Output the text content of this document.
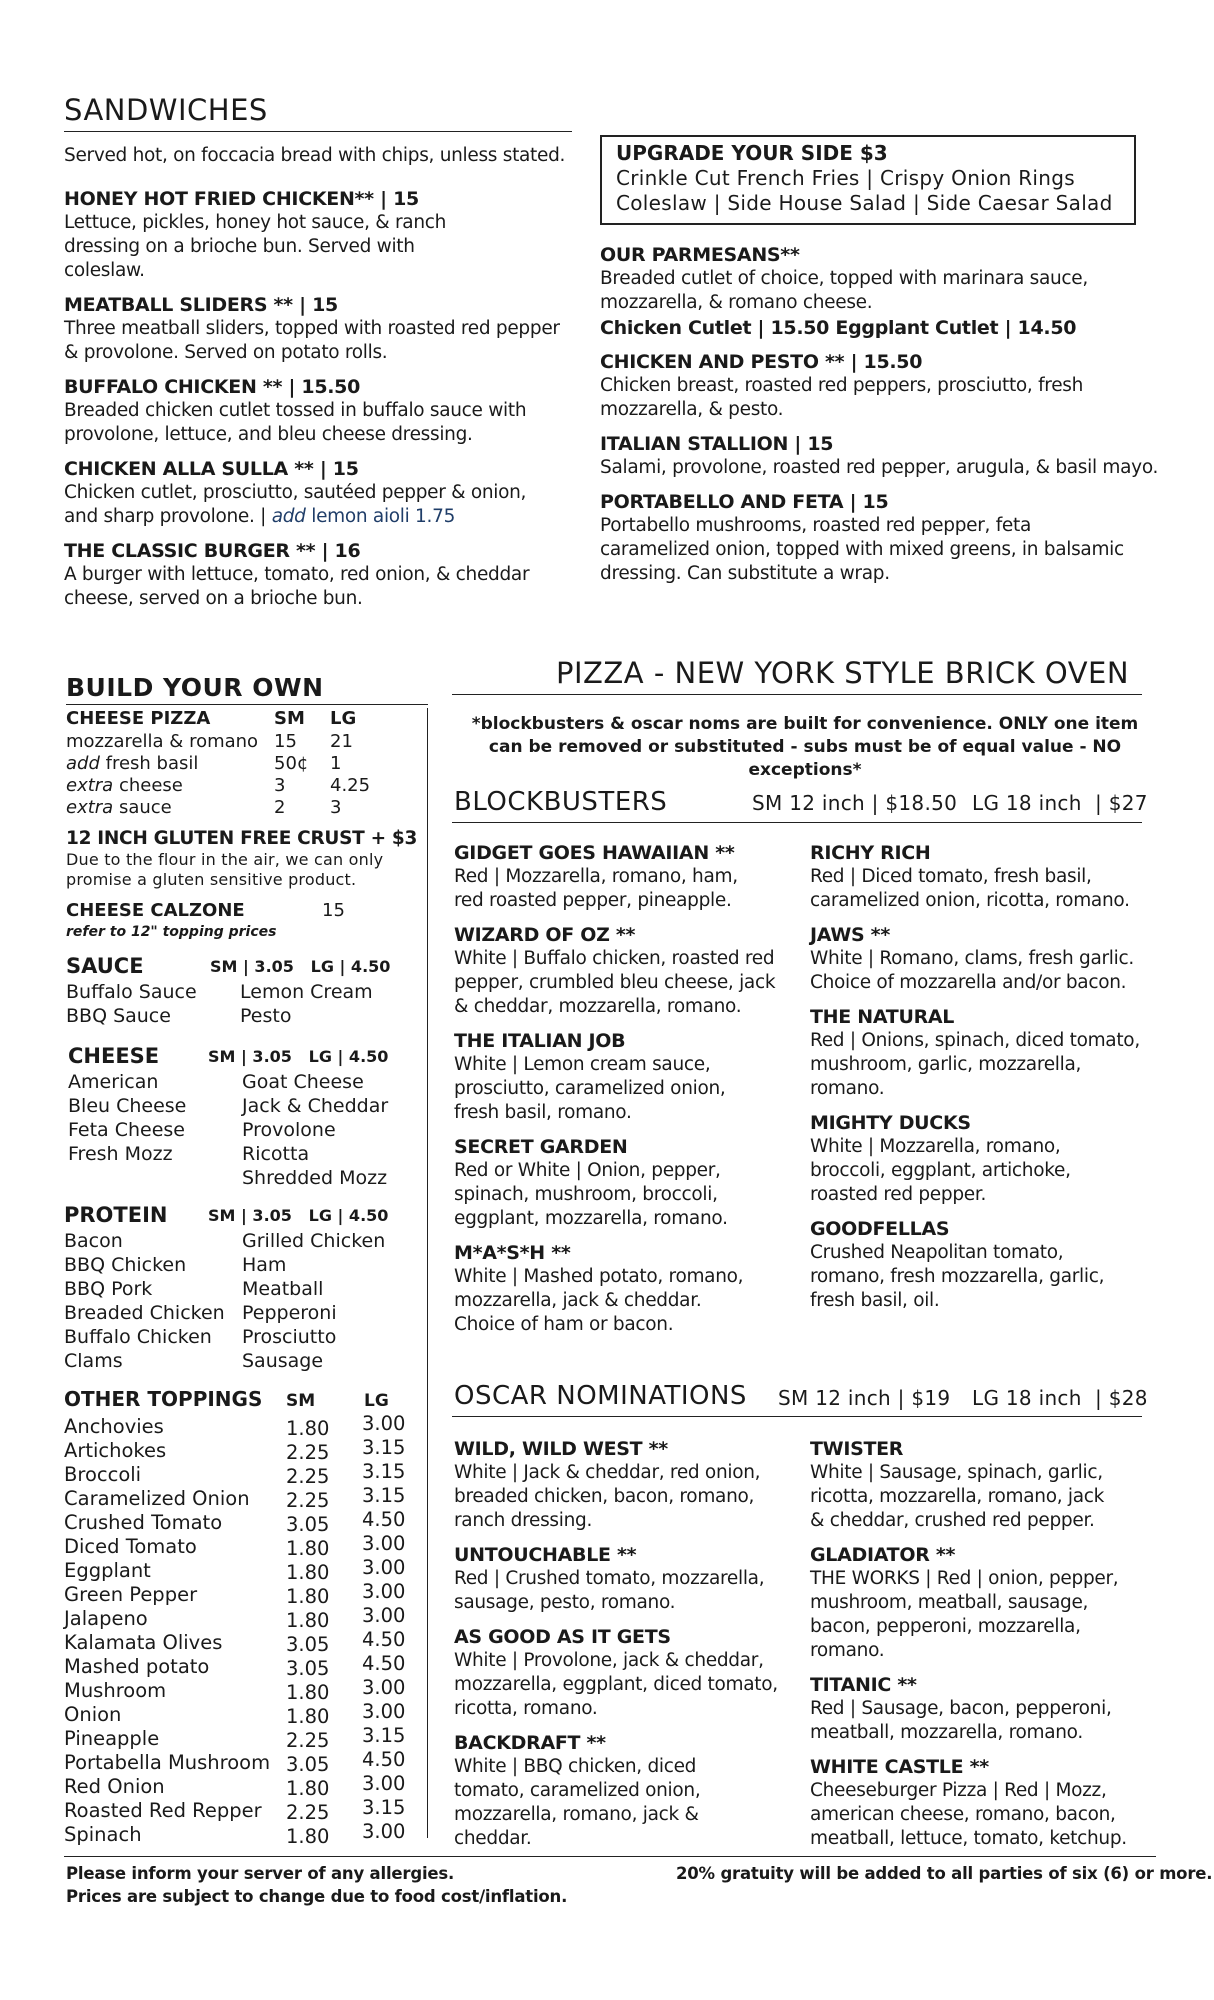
SANDWICHES
Served hot, on foccacia bread with chips, unless stated.
HONEY HOT FRIED CHICKEN** | 15
Lettuce, pickles, honey hot sauce, & ranch dressing on a brioche bun. Served with coleslaw.
MEATBALL SLIDERS ** | 15
Three meatball sliders, topped with roasted red pepper & provolone. Served on potato rolls.
BUFFALO CHICKEN ** | 15.50
Breaded chicken cutlet tossed in buffalo sauce with provolone, lettuce, and bleu cheese dressing.
CHICKEN ALLA SULLA ** | 15
Chicken cutlet, prosciutto, sautéed pepper & onion, and sharp provolone. | add lemon aioli 1.75
THE CLASSIC BURGER ** | 16
A burger with lettuce, tomato, red onion, & cheddar cheese, served on a brioche bun.
UPGRADE YOUR SIDE $3
Crinkle Cut French Fries | Crispy Onion Rings
Coleslaw | Side House Salad | Side Caesar Salad
OUR PARMESANS**
Breaded cutlet of choice, topped with marinara sauce, mozzarella, & romano cheese.
Chicken Cutlet | 15.50 Eggplant Cutlet | 14.50
CHICKEN AND PESTO ** | 15.50
Chicken breast, roasted red peppers, prosciutto, fresh mozzarella, & pesto.
ITALIAN STALLION | 15
Salami, provolone, roasted red pepper, arugula, & basil mayo.
PORTABELLO AND FETA | 15
Portabello mushrooms, roasted red pepper, feta caramelized onion, topped with mixed greens, in balsamic dressing. Can substitute a wrap.
BUILD YOUR OWN
CHEESE PIZZA	SM LG
mozzarella & romano 15 21
add fresh basil	50¢ 1
extra cheese	3 4.25
extra sauce	2 3
12 INCH GLUTEN FREE CRUST + $3
Due to the flour in the air, we can only promise a gluten sensitive product.
CHEESE CALZONE	15
refer to 12" topping prices
SAUCE	SM | 3.05   LG | 4.50
Buffalo Sauce
BBQ Sauce
Lemon Cream
Pesto
CHEESE	SM | 3.05   LG | 4.50
American
Bleu Cheese
Feta Cheese
Fresh Mozz
Goat Cheese
Jack & Cheddar
Provolone
Ricotta
Shredded Mozz
PROTEIN	SM | 3.05   LG | 4.50
Bacon
BBQ Chicken
BBQ Pork
Breaded Chicken
Buffalo Chicken
Clams
Grilled Chicken
Ham
Meatball
Pepperoni
Prosciutto
Sausage
OTHER TOPPINGS SM	LG
Anchovies	1.80 3.00
Artichokes	2.25 3.15
Broccoli	2.25 3.15
Caramelized Onion 2.25 3.15
Crushed Tomato	3.05 4.50
Diced Tomato	1.80 3.00
Eggplant	1.80 3.00
Green Pepper	1.80 3.00
Jalapeno	1.80 3.00
Kalamata Olives	3.05 4.50
Mashed potato	3.05 4.50
Mushroom	1.80 3.00
Onion	1.80 3.00
Pineapple	2.25 3.15
Portabella Mushroom 3.05 4.50
Red Onion	1.80 3.00
Roasted Red Repper 2.25 3.15
Spinach	1.80 3.00
PIZZA - NEW YORK STYLE BRICK OVEN
*blockbusters & oscar noms are built for convenience. ONLY one item can be removed or substituted - subs must be of equal value - NO exceptions*
BLOCKBUSTERS	SM 12 inch | $18.50 LG 18 inch  | $27
GIDGET GOES HAWAIIAN **
Red | Mozzarella, romano, ham, red roasted pepper, pineapple.
WIZARD OF OZ **
White | Buffalo chicken, roasted red pepper, crumbled bleu cheese, jack & cheddar, mozzarella, romano.
THE ITALIAN JOB
White | Lemon cream sauce, prosciutto, caramelized onion, fresh basil, romano.
SECRET GARDEN
Red or White | Onion, pepper, spinach, mushroom, broccoli, eggplant, mozzarella, romano.
M*A*S*H **
White | Mashed potato, romano, mozzarella, jack & cheddar. Choice of ham or bacon.
RICHY RICH
Red | Diced tomato, fresh basil, caramelized onion, ricotta, romano.
JAWS **
White | Romano, clams, fresh garlic. Choice of mozzarella and/or bacon.
THE NATURAL
Red | Onions, spinach, diced tomato, mushroom, garlic, mozzarella, romano.
MIGHTY DUCKS
White | Mozzarella, romano, broccoli, eggplant, artichoke, roasted red pepper.
GOODFELLAS
Crushed Neapolitan tomato, romano, fresh mozzarella, garlic, fresh basil, oil.
OSCAR NOMINATIONS SM 12 inch | $19 LG 18 inch  | $28
WILD, WILD WEST **
White | Jack & cheddar, red onion, breaded chicken, bacon, romano, ranch dressing.
UNTOUCHABLE **
Red | Crushed tomato, mozzarella, sausage, pesto, romano.
AS GOOD AS IT GETS
White | Provolone, jack & cheddar, mozzarella, eggplant, diced tomato, ricotta, romano.
BACKDRAFT **
White | BBQ chicken, diced tomato, caramelized onion, mozzarella, romano, jack & cheddar.
TWISTER
White | Sausage, spinach, garlic, ricotta, mozzarella, romano, jack & cheddar, crushed red pepper.
GLADIATOR **
THE WORKS | Red | onion, pepper, mushroom, meatball, sausage, bacon, pepperoni, mozzarella, romano.
TITANIC **
Red | Sausage, bacon, pepperoni, meatball, mozzarella, romano.
WHITE CASTLE **
Cheeseburger Pizza | Red | Mozz, american cheese, romano, bacon, meatball, lettuce, tomato, ketchup.
Please inform your server of any allergies.
Prices are subject to change due to food cost/inflation.
20% gratuity will be added to all parties of six (6) or more.
